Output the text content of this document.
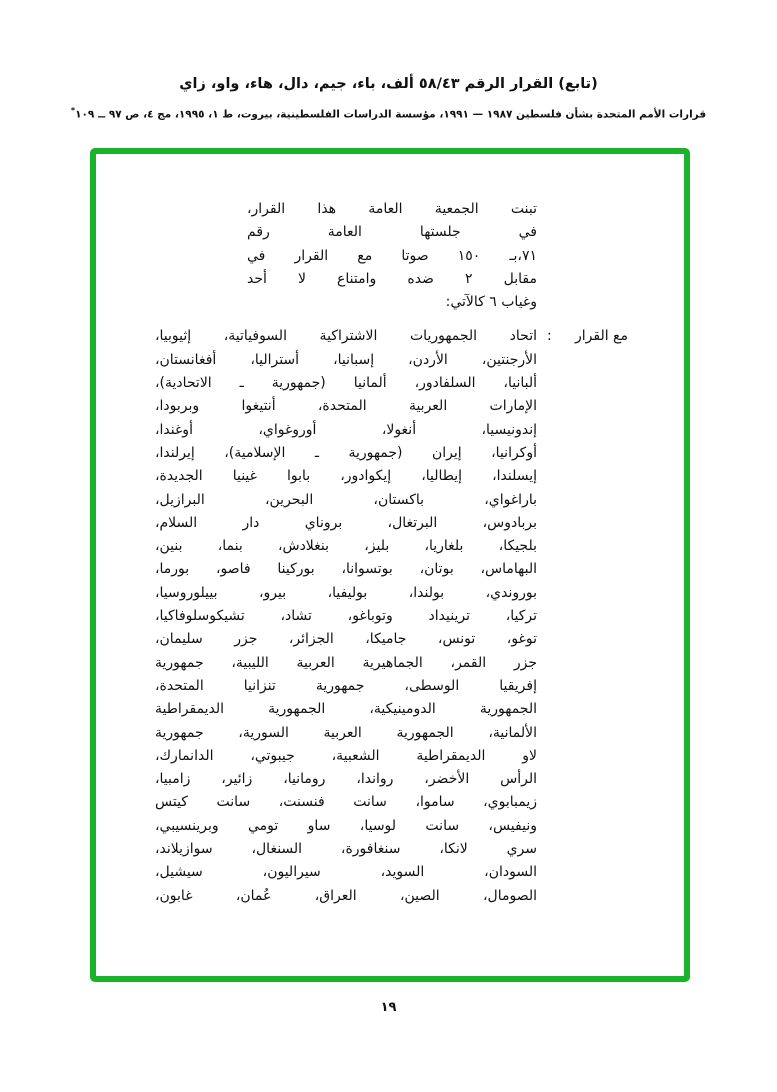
(تابع) القرار الرقم ٥٨/٤٣ ألف، باء، جيم، دال، هاء، واو، زاي
قرارات الأمم المتحدة بشأن فلسطين ١٩٨٧ — ١٩٩١، مؤسسة الدراسات الفلسطينية، بيروت، ط ١، ١٩٩٥، مج ٤، ص ٩٧ ــ ١٠٩*
تبنت الجمعية العامة هذا القرار،
في جلستها العامة رقم
٧١،بـ ١٥٠ صوتا مع القرار في
مقابل ٢ ضده وامتناع لا أحد
وغياب ٦ كالآتي:
مع القرار
:
اتحاد الجمهوريات الاشتراكية السوفياتية، إثيوبيا،
الأرجنتين، الأردن، إسبانيا، أستراليا، أفغانستان،
ألبانيا، السلفادور، ألمانيا (جمهورية ـ الاتحادية)،
الإمارات العربية المتحدة، أنتيغوا وبربودا،
إندونيسيا، أنغولا، أوروغواي، أوغندا،
أوكرانيا، إيران (جمهورية ـ الإسلامية)، إيرلندا،
إيسلندا، إيطاليا، إيكوادور، بابوا غينيا الجديدة،
باراغواي، باكستان، البحرين، البرازيل،
بربادوس، البرتغال، بروناي دار السلام،
بلجيكا، بلغاريا، بليز، بنغلادش، بنما، بنين،
البهاماس، بوتان، بوتسوانا، بوركينا فاصو، بورما،
بوروندي، بولندا، بوليفيا، بيرو، بييلوروسيا،
تركيا، ترينيداد وتوباغو، تشاد، تشيكوسلوفاكيا،
توغو، تونس، جاميكا، الجزائر، جزر سليمان،
جزر القمر، الجماهيرية العربية الليبية، جمهورية
إفريقيا الوسطى، جمهورية تنزانيا المتحدة،
الجمهورية الدومينيكية، الجمهورية الديمقراطية
الألمانية، الجمهورية العربية السورية، جمهورية
لاو الديمقراطية الشعبية، جيبوتي، الدانمارك،
الرأس الأخضر، رواندا، رومانيا، زائير، زامبيا،
زيمبابوي، ساموا، سانت فنسنت، سانت كيتس
ونيفيس، سانت لوسيا، ساو تومي وبرينسيبي،
سري لانكا، سنغافورة، السنغال، سوازيلاند،
السودان، السويد، سيراليون، سيشيل،
الصومال، الصين، العراق، عُمان، غابون،
١٩
